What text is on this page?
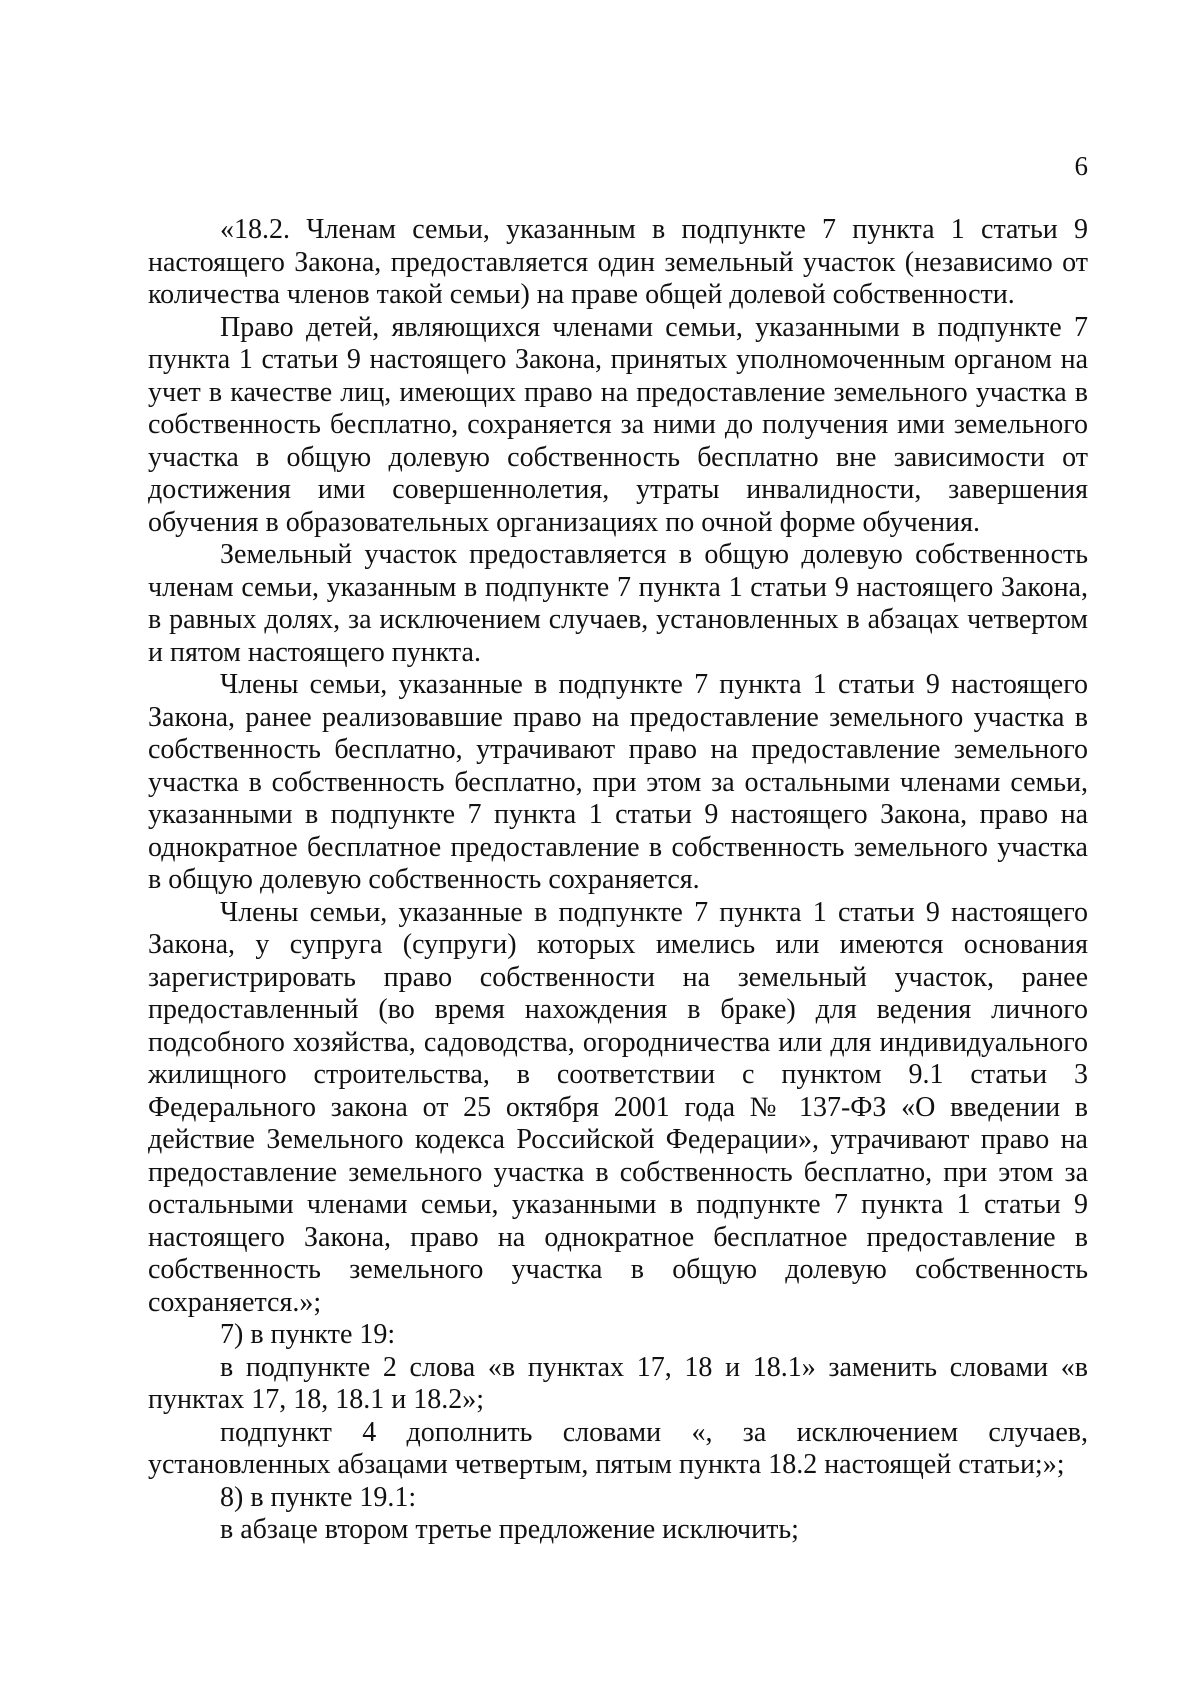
6

«18.2. Членам семьи, указанным в подпункте 7 пункта 1 статьи 9 настоящего Закона, предоставляется один земельный участок (независимо от количества членов такой семьи) на праве общей долевой собственности.

Право детей, являющихся членами семьи, указанными в подпункте 7 пункта 1 статьи 9 настоящего Закона, принятых уполномоченным органом на учет в качестве лиц, имеющих право на предоставление земельного участка в собственность бесплатно, сохраняется за ними до получения ими земельного участка в общую долевую собственность бесплатно вне зависимости от достижения ими совершеннолетия, утраты инвалидности, завершения обучения в образовательных организациях по очной форме обучения.

Земельный участок предоставляется в общую долевую собственность членам семьи, указанным в подпункте 7 пункта 1 статьи 9 настоящего Закона, в равных долях, за исключением случаев, установленных в абзацах четвертом и пятом настоящего пункта.

Члены семьи, указанные в подпункте 7 пункта 1 статьи 9 настоящего Закона, ранее реализовавшие право на предоставление земельного участка в собственность бесплатно, утрачивают право на предоставление земельного участка в собственность бесплатно, при этом за остальными членами семьи, указанными в подпункте 7 пункта 1 статьи 9 настоящего Закона, право на однократное бесплатное предоставление в собственность земельного участка в общую долевую собственность сохраняется.

Члены семьи, указанные в подпункте 7 пункта 1 статьи 9 настоящего Закона, у супруга (супруги) которых имелись или имеются основания зарегистрировать право собственности на земельный участок, ранее предоставленный (во время нахождения в браке) для ведения личного подсобного хозяйства, садоводства, огородничества или для индивидуального жилищного строительства, в соответствии с пунктом 9.1 статьи 3 Федерального закона от 25 октября 2001 года № 137-ФЗ «О введении в действие Земельного кодекса Российской Федерации», утрачивают право на предоставление земельного участка в собственность бесплатно, при этом за остальными членами семьи, указанными в подпункте 7 пункта 1 статьи 9 настоящего Закона, право на однократное бесплатное предоставление в собственность земельного участка в общую долевую собственность сохраняется.»;

7) в пункте 19:

в подпункте 2 слова «в пунктах 17, 18 и 18.1» заменить словами «в пунктах 17, 18, 18.1 и 18.2»;

подпункт 4 дополнить словами «, за исключением случаев, установленных абзацами четвертым, пятым пункта 18.2 настоящей статьи;»;

8) в пункте 19.1:

в абзаце втором третье предложение исключить;
